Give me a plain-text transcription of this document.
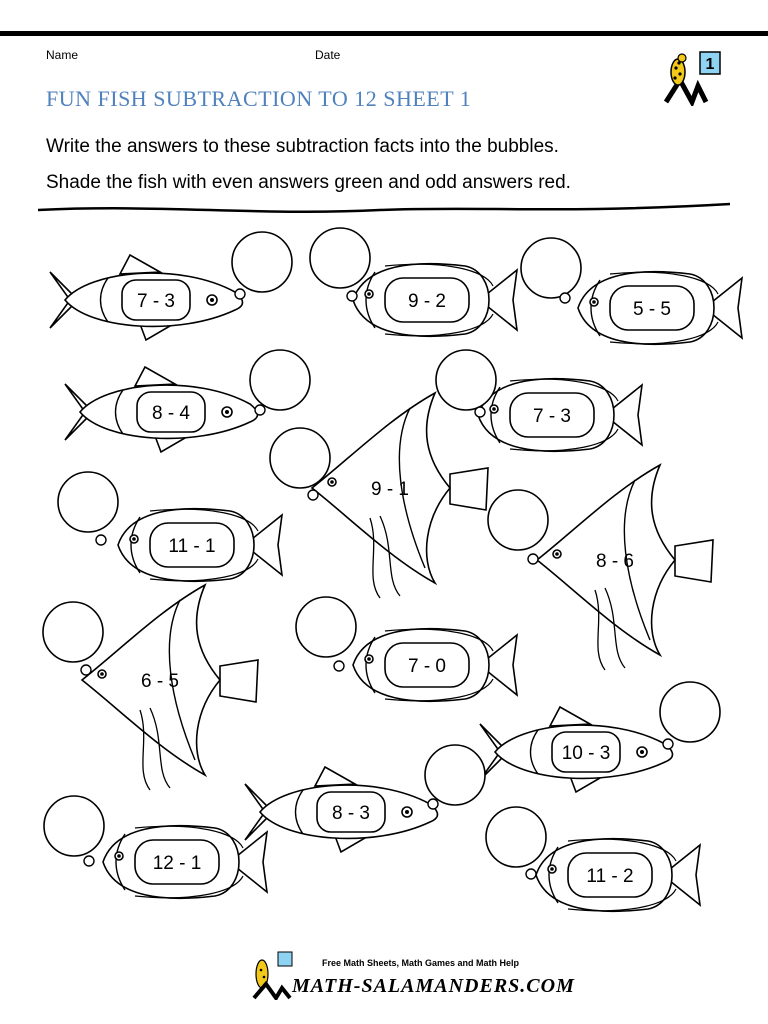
Name	Date
FUN FISH SUBTRACTION TO 12 SHEET 1
1
Write the answers to these subtraction facts into the bubbles.
Shade the fish with even answers green and odd answers red.
7 - 3	9 - 2	5 - 5
8 - 4	7 - 3
9 - 1
11 - 1
8 - 6
6 - 5
7 - 0
10 - 3
8 - 3
12 - 1
11 - 2
Free Math Sheets, Math Games and Math Help
MATH-SALAMANDERS.COM
